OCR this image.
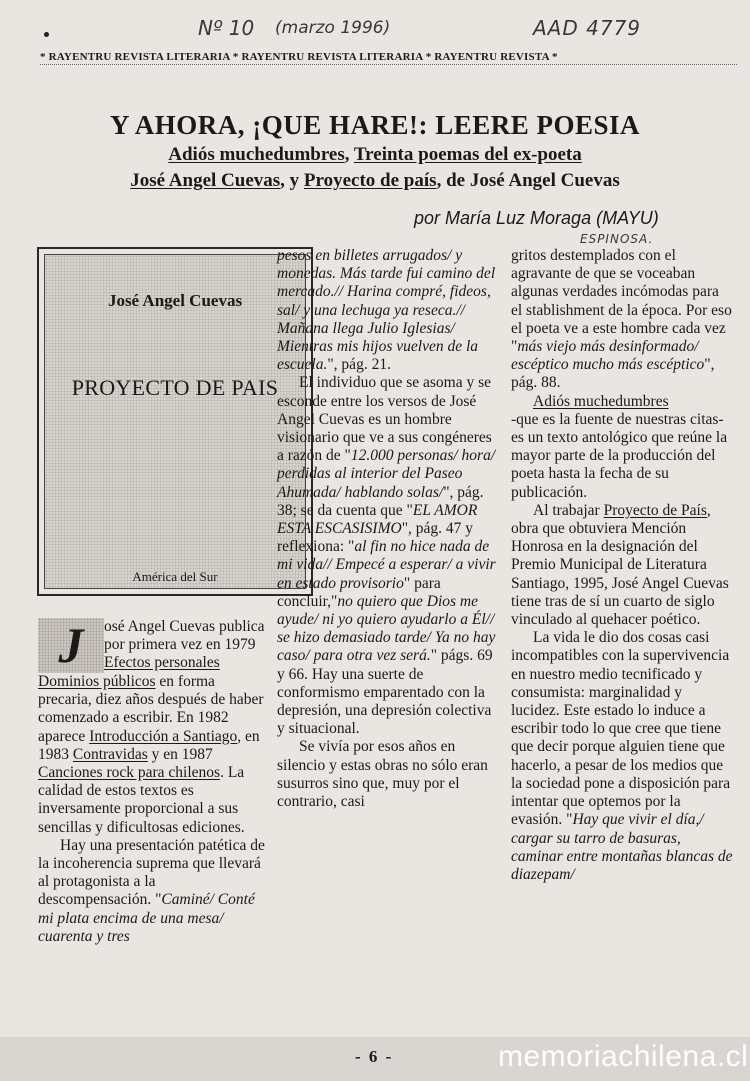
Nº 10 (marzo 1996)	AAD 4779
ESPINOSA.
* RAYENTRU REVISTA LITERARIA * RAYENTRU REVISTA LITERARIA * RAYENTRU REVISTA *
Y AHORA, ¡QUE HARE!: LEERE POESIA
Adiós muchedumbres, Treinta poemas del ex-poeta
José Angel Cuevas, y Proyecto de país, de José Angel Cuevas
por María Luz Moraga (MAYU)
José Angel Cuevas
PROYECTO DE PAIS
América del Sur
J	osé Angel Cuevas publica por primera vez en 1979 Efectos personales

Dominios públicos en forma precaria, diez años después de haber comenzado a escribir. En 1982 aparece Introducción a Santiago, en 1983 Contravidas y en 1987 Canciones rock para chilenos. La calidad de estos textos es inversamente proporcional a sus sencillas y dificultosas ediciones.

Hay una presentación patética de la incoherencia suprema que llevará al protagonista a la descompensación. "Caminé/ Conté mi plata encima de una mesa/ cuarenta y tres

pesos en billetes arrugados/ y monedas. Más tarde fui camino del mercado.// Harina compré, fideos, sal/ y una lechuga ya reseca.// Mañana llega Julio Iglesias/ Mientras mis hijos vuelven de la escuela.", pág. 21.

El individuo que se asoma y se esconde entre los versos de José Angel Cuevas es un hombre visionario que ve a sus congéneres a razón de "12.000 personas/ hora/ perdidas al interior del Paseo Ahumada/ hablando solas/", pág. 38; se da cuenta que "EL AMOR ESTA ESCASISIMO", pág. 47 y reflexiona: "al fin no hice nada de mi vida// Empecé a esperar/ a vivir en estado provisorio" para concluir,"no quiero que Dios me ayude/ ni yo quiero ayudarlo a Él// se hizo demasiado tarde/ Ya no hay caso/ para otra vez será." págs. 69 y 66. Hay una suerte de conformismo emparentado con la depresión, una depresión colectiva y situacional.

Se vivía por esos años en silencio y estas obras no sólo eran susurros sino que, muy por el contrario, casi

gritos destemplados con el agravante de que se voceaban algunas verdades incómodas para el stablishment de la época. Por eso el poeta ve a este hombre cada vez "más viejo más desinformado/ escéptico mucho más escéptico", pág. 88.

Adiós muchedumbres

-que es la fuente de nuestras citas- es un texto antológico que reúne la mayor parte de la producción del poeta hasta la fecha de su publicación.

Al trabajar Proyecto de País, obra que obtuviera Mención Honrosa en la designación del Premio Municipal de Literatura Santiago, 1995, José Angel Cuevas tiene tras de sí un cuarto de siglo vinculado al quehacer poético.

La vida le dio dos cosas casi incompatibles con la supervivencia en nuestro medio tecnificado y consumista: marginalidad y lucidez. Este estado lo induce a escribir todo lo que cree que tiene que decir porque alguien tiene que hacerlo, a pesar de los medios que la sociedad pone a disposición para intentar que optemos por la evasión. "Hay que vivir el día,/ cargar su tarro de basuras, caminar entre montañas blancas de diazepam/

- 6 -	memoriachilena.cl
